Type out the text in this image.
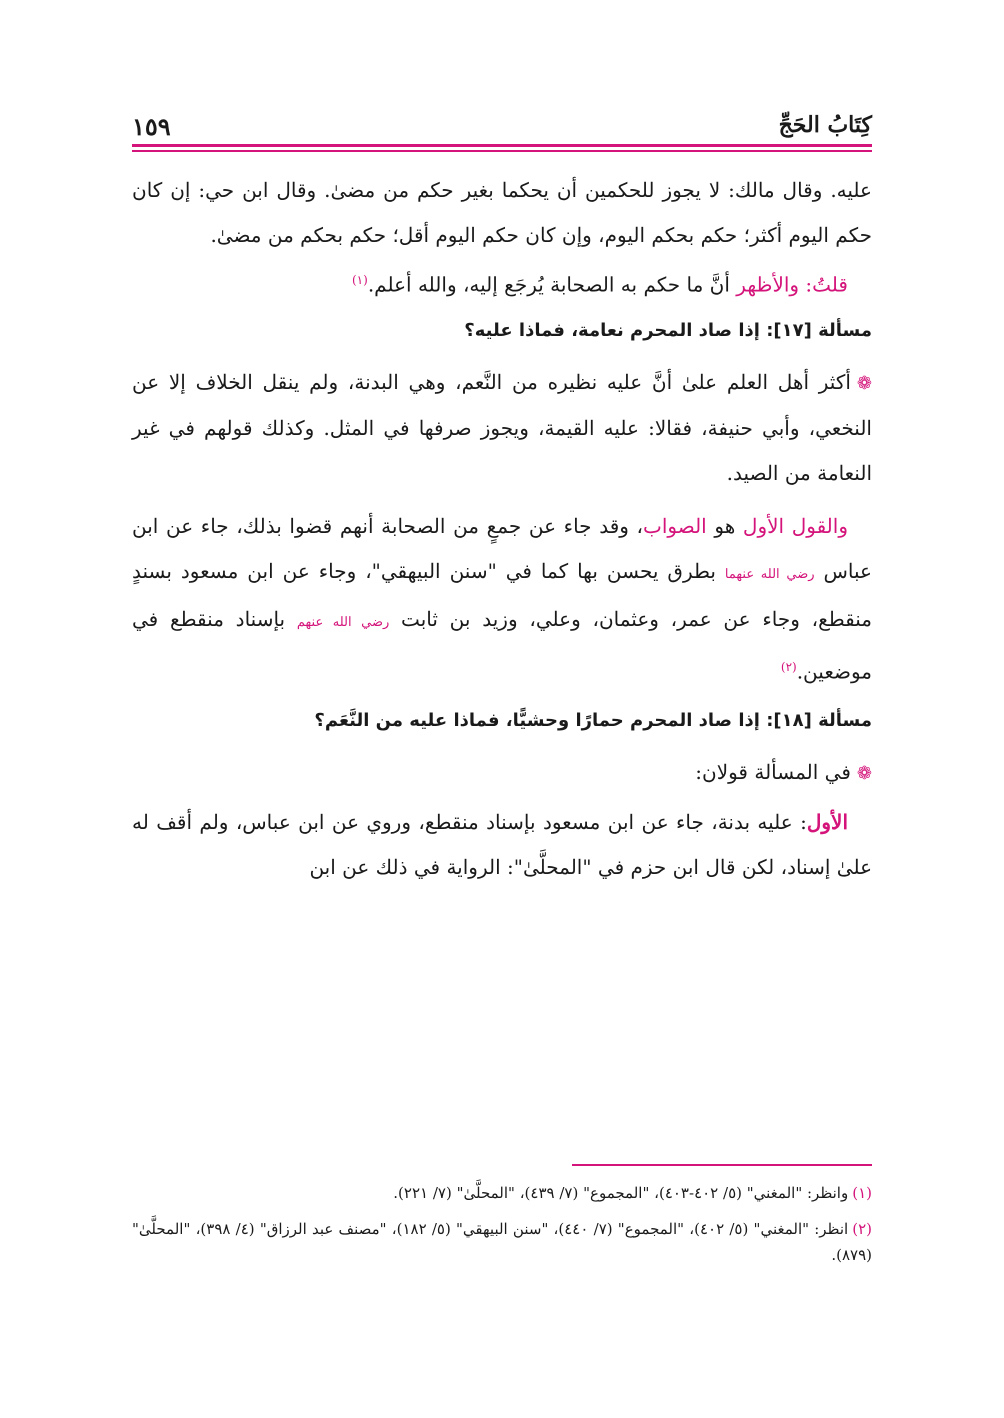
كِتَابُ الحَجِّ
١٥٩

عليه. وقال مالك: لا يجوز للحكمين أن يحكما بغير حكم من مضىٰ. وقال ابن حي: إن كان حكم اليوم أكثر؛ حكم بحكم اليوم، وإن كان حكم اليوم أقل؛ حكم بحكم من مضىٰ.

قلتُ: والأظهر أنَّ ما حكم به الصحابة يُرجَع إليه، والله أعلم.$^{(١)}$

مسألة [١٧]: إذا صاد المحرم نعامة، فماذا عليه؟

❁أكثر أهل العلم علىٰ أنَّ عليه نظيره من النَّعم، وهي البدنة، ولم ينقل الخلاف إلا عن النخعي، وأبي حنيفة، فقالا: عليه القيمة، ويجوز صرفها في المثل. وكذلك قولهم في غير النعامة من الصيد.

والقول الأول هو الصواب، وقد جاء عن جمعٍ من الصحابة أنهم قضوا بذلك، جاء عن ابن عباس رضي الله عنهما بطرق يحسن بها كما في "سنن البيهقي"، وجاء عن ابن مسعود بسندٍ منقطع، وجاء عن عمر، وعثمان، وعلي، وزيد بن ثابت رضي الله عنهم بإسناد منقطع في موضعين.$^{(٢)}$

مسألة [١٨]: إذا صاد المحرم حمارًا وحشيًّا، فماذا عليه من النَّعَم؟

❁في المسألة قولان:

الأول: عليه بدنة، جاء عن ابن مسعود بإسناد منقطع، وروي عن ابن عباس، ولم أقف له علىٰ إسناد، لكن قال ابن حزم في "المحلَّىٰ": الرواية في ذلك عن ابن

(١)وانظر: "المغني" (٥/ ٤٠٢-٤٠٣)، "المجموع" (٧/ ٤٣٩)، "المحلَّىٰ" (٧/ ٢٢١).
(٢)انظر: "المغني" (٥/ ٤٠٢)، "المجموع" (٧/ ٤٤٠)، "سنن البيهقي" (٥/ ١٨٢)، "مصنف عبد الرزاق" (٤/ ٣٩٨)، "المحلَّىٰ" (٨٧٩).
